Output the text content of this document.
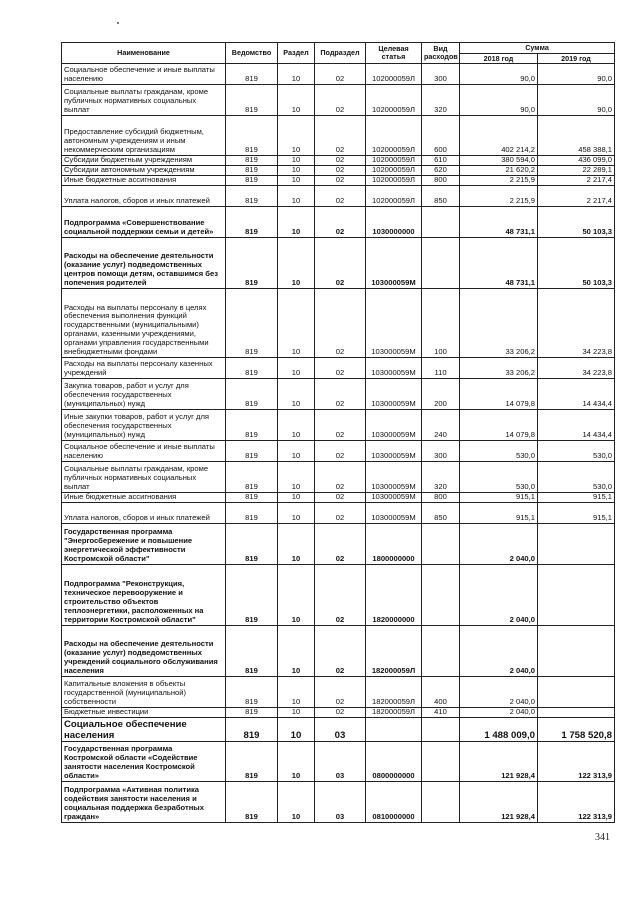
Наименование	Ведомство	Раздел	Подраздел	Целевая статья	Вид расходов	Сумма	
						2018 год	2019 год
Социальное обеспечение и иные выплаты населению	819	10	02	102000059Л	300	90,0	90,0
Социальные выплаты гражданам, кроме публичных нормативных социальных выплат	819	10	02	102000059Л	320	90,0	90,0
Предоставление субсидий бюджетным, автономным учреждениям и иным некоммерческим организациям	819	10	02	102000059Л	600	402 214,2	458 388,1
Субсидии бюджетным учреждениям	819	10	02	102000059Л	610	380 594,0	436 099,0
Субсидии автономным учреждениям	819	10	02	102000059Л	620	21 620,2	22 289,1
Иные бюджетные ассигнования	819	10	02	102000059Л	800	2 215,9	2 217,4
Уплата налогов, сборов и иных платежей	819	10	02	102000059Л	850	2 215,9	2 217,4
Подпрограмма «Совершенствование социальной поддержки семьи и детей»	819	10	02	1030000000		48 731,1	50 103,3
Расходы на обеспечение деятельности (оказание услуг) подведомственных центров помощи детям, оставшимся без попечения родителей	819	10	02	103000059М		48 731,1	50 103,3
Расходы на выплаты персоналу в целях обеспечения выполнения функций государственными (муниципальными) органами, казенными учреждениями, органами управления государственными внебюджетными фондами	819	10	02	103000059М	100	33 206,2	34 223,8
Расходы на выплаты персоналу казенных учреждений	819	10	02	103000059М	110	33 206,2	34 223,8
Закупка товаров, работ и услуг для обеспечения государственных (муниципальных) нужд	819	10	02	103000059М	200	14 079,8	14 434,4
Иные закупки товаров, работ и услуг для обеспечения государственных (муниципальных) нужд	819	10	02	103000059М	240	14 079,8	14 434,4
Социальное обеспечение и иные выплаты населению	819	10	02	103000059М	300	530,0	530,0
Социальные выплаты гражданам, кроме публичных нормативных социальных выплат	819	10	02	103000059М	320	530,0	530,0
Иные бюджетные ассигнования	819	10	02	103000059М	800	915,1	915,1
Уплата налогов, сборов и иных платежей	819	10	02	103000059М	850	915,1	915,1
Государственная программа "Энергосбережение и повышение энергетической эффективности Костромской области"	819	10	02	1800000000		2 040,0	
Подпрограмма "Реконструкция, техническое перевооружение и строительство объектов теплоэнергетики, расположенных на территории Костромской области"	819	10	02	1820000000		2 040,0	
Расходы на обеспечение деятельности (оказание услуг) подведомственных учреждений социального обслуживания населения	819	10	02	182000059Л		2 040,0	
Капитальные вложения в объекты государственной (муниципальной) собственности	819	10	02	182000059Л	400	2 040,0	
Бюджетные инвестиции	819	10	02	182000059Л	410	2 040,0	
Социальное обеспечение населения	819	10	03			1 488 009,0	1 758 520,8
Государственная программа Костромской области «Содействие занятости населения Костромской области»	819	10	03	0800000000		121 928,4	122 313,9
Подпрограмма «Активная политика содействия занятости населения и социальная поддержка безработных граждан»	819	10	03	0810000000		121 928,4	122 313,9
341
